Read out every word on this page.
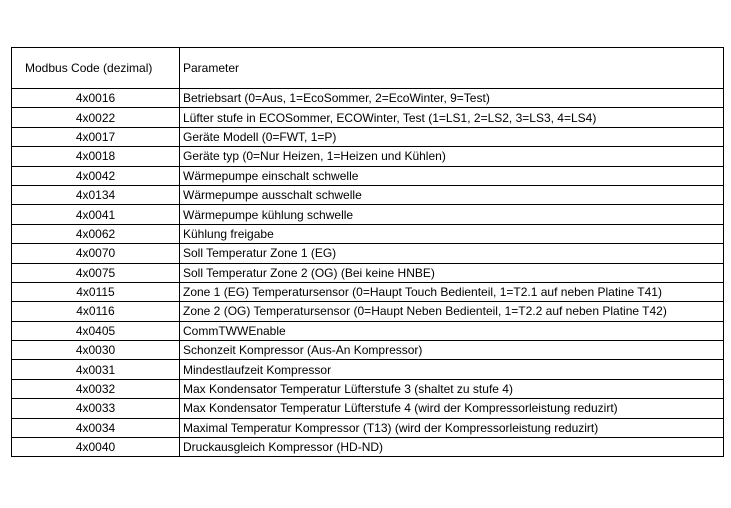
Modbus Code (dezimal)	Parameter
4x0016	Betriebsart (0=Aus, 1=EcoSommer, 2=EcoWinter, 9=Test)
4x0022	Lüfter stufe in ECOSommer, ECOWinter, Test (1=LS1, 2=LS2, 3=LS3, 4=LS4)
4x0017	Geräte Modell (0=FWT, 1=P)
4x0018	Geräte typ (0=Nur Heizen, 1=Heizen und Kühlen)
4x0042	Wärmepumpe einschalt schwelle
4x0134	Wärmepumpe ausschalt schwelle
4x0041	Wärmepumpe kühlung schwelle
4x0062	Kühlung freigabe
4x0070	Soll Temperatur Zone 1 (EG)
4x0075	Soll Temperatur Zone 2 (OG) (Bei keine HNBE)
4x0115	Zone 1 (EG) Temperatursensor (0=Haupt Touch Bedienteil, 1=T2.1 auf neben Platine T41)
4x0116	Zone 2 (OG) Temperatursensor (0=Haupt Neben Bedienteil, 1=T2.2 auf neben Platine T42)
4x0405	CommTWWEnable
4x0030	Schonzeit Kompressor (Aus-An Kompressor)
4x0031	Mindestlaufzeit Kompressor
4x0032	Max Kondensator Temperatur Lüfterstufe 3 (shaltet zu stufe 4)
4x0033	Max Kondensator Temperatur Lüfterstufe 4 (wird der Kompressorleistung reduzirt)
4x0034	Maximal Temperatur Kompressor (T13) (wird der Kompressorleistung reduzirt)
4x0040	Druckausgleich Kompressor (HD-ND)
